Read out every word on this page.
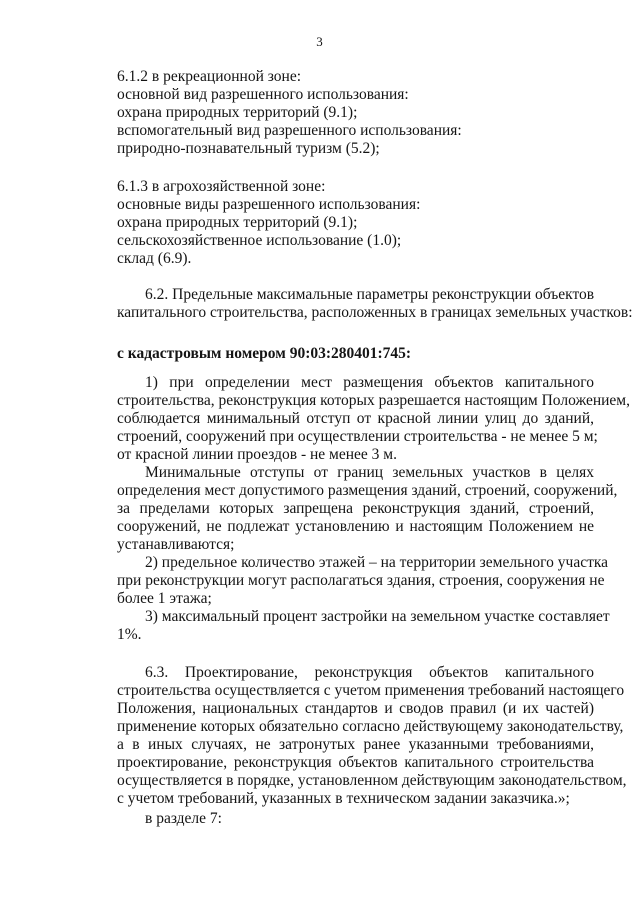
3
6.1.2 в рекреационной зоне:
основной вид разрешенного использования:
охрана природных территорий (9.1);
вспомогательный вид разрешенного использования:
природно-познавательный туризм (5.2);
6.1.3 в агрохозяйственной зоне:
основные виды разрешенного использования:
охрана природных территорий (9.1);
сельскохозяйственное использование (1.0);
склад (6.9).
6.2. Предельные максимальные параметры реконструкции объектов
капитального строительства, расположенных в границах земельных участков:
с кадастровым номером 90:03:280401:745:
1) при определении мест размещения объектов капитального
строительства, реконструкция которых разрешается настоящим Положением,
соблюдается минимальный отступ от красной линии улиц до зданий,
строений, сооружений при осуществлении строительства - не менее 5 м;
от красной линии проездов - не менее 3 м.
Минимальные отступы от границ земельных участков в целях
определения мест допустимого размещения зданий, строений, сооружений,
за пределами которых запрещена реконструкция зданий, строений,
сооружений, не подлежат установлению и настоящим Положением не
устанавливаются;
2) предельное количество этажей – на территории земельного участка
при реконструкции могут располагаться здания, строения, сооружения не
более 1 этажа;
3) максимальный процент застройки на земельном участке составляет
1%.
6.3. Проектирование, реконструкция объектов капитального
строительства осуществляется с учетом применения требований настоящего
Положения, национальных стандартов и сводов правил (и их частей)
применение которых обязательно согласно действующему законодательству,
а в иных случаях, не затронутых ранее указанными требованиями,
проектирование, реконструкция объектов капитального строительства
осуществляется в порядке, установленном действующим законодательством,
с учетом требований, указанных в техническом задании заказчика.»;
в разделе 7:
